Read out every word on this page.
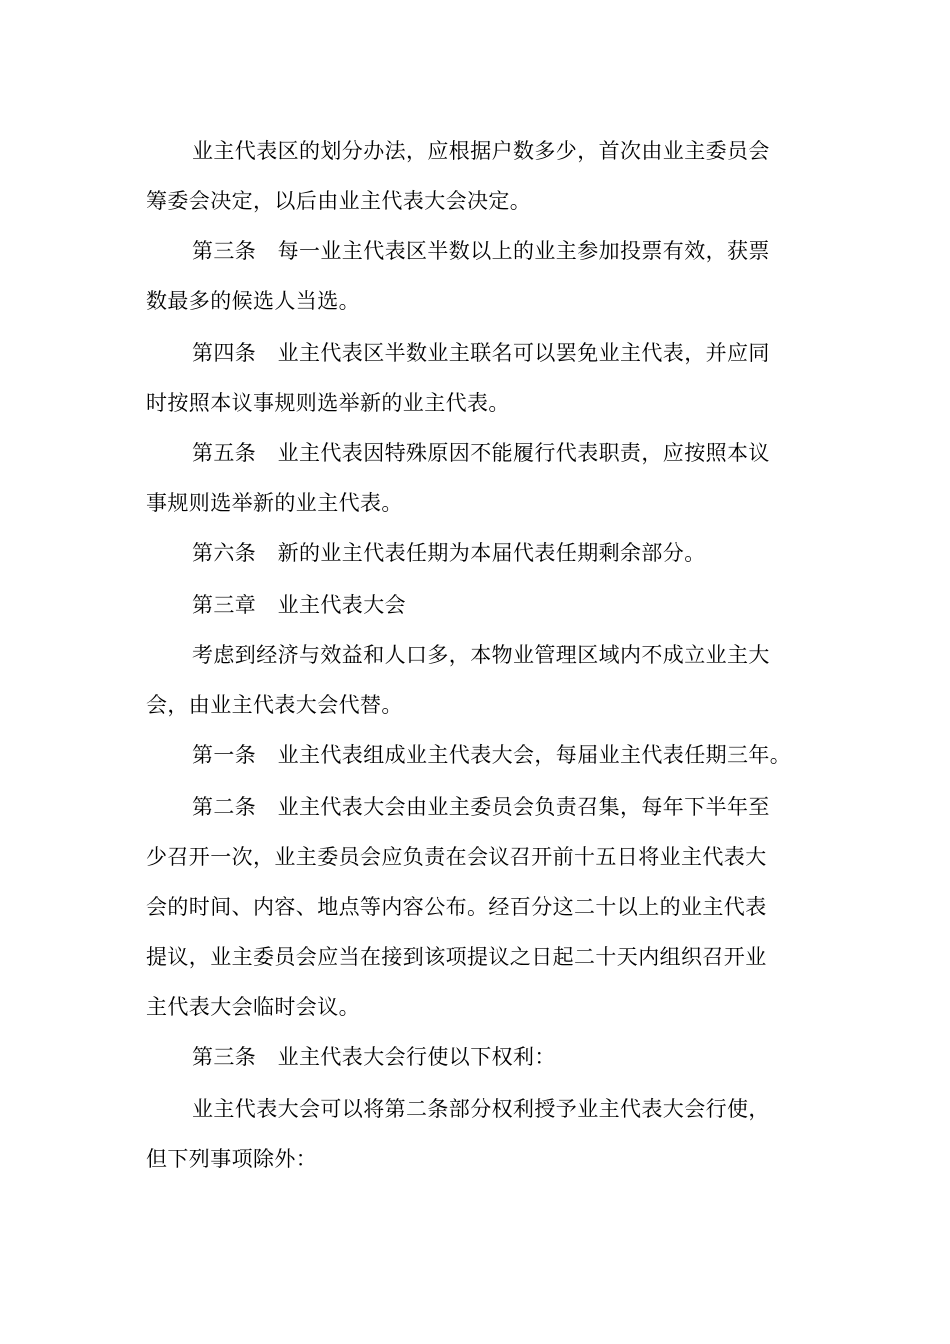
业主代表区的划分办法，应根据户数多少，首次由业主委员会
筹委会决定，以后由业主代表大会决定。
第三条　每一业主代表区半数以上的业主参加投票有效，获票
数最多的候选人当选。
第四条　业主代表区半数业主联名可以罢免业主代表，并应同
时按照本议事规则选举新的业主代表。
第五条　业主代表因特殊原因不能履行代表职责，应按照本议
事规则选举新的业主代表。
第六条　新的业主代表任期为本届代表任期剩余部分。
第三章　业主代表大会
考虑到经济与效益和人口多，本物业管理区域内不成立业主大
会，由业主代表大会代替。
第一条　业主代表组成业主代表大会，每届业主代表任期三年。
第二条　业主代表大会由业主委员会负责召集，每年下半年至
少召开一次，业主委员会应负责在会议召开前十五日将业主代表大
会的时间、内容、地点等内容公布。经百分这二十以上的业主代表
提议，业主委员会应当在接到该项提议之日起二十天内组织召开业
主代表大会临时会议。
第三条　业主代表大会行使以下权利：
业主代表大会可以将第二条部分权利授予业主代表大会行使，
但下列事项除外：
